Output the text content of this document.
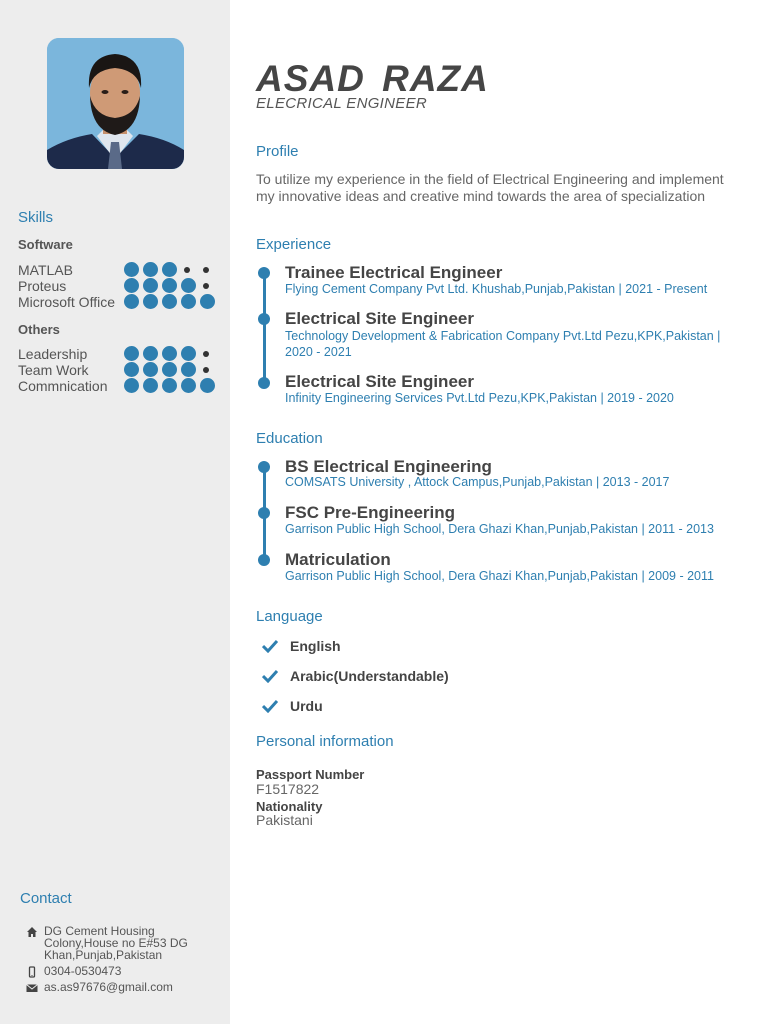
Skills
Software
MATLAB
Proteus
Microsoft Office
Others
Leadership
Team Work
Commnication
Contact
DG Cement Housing Colony,House no E#53 DG Khan,Punjab,Pakistan
0304-0530473
as.as97676@gmail.com
ASAD RAZA
ELECRICAL ENGINEER
Profile
To utilize my experience in the field of Electrical Engineering and implement my innovative ideas and creative mind towards the area of specialization
Experience
Trainee Electrical Engineer
Flying Cement Company Pvt Ltd. Khushab,Punjab,Pakistan | 2021 - Present
Electrical Site Engineer
Technology Development & Fabrication Company Pvt.Ltd Pezu,KPK,Pakistan | 2020 - 2021
Electrical Site Engineer
Infinity Engineering Services Pvt.Ltd Pezu,KPK,Pakistan | 2019 - 2020
Education
BS Electrical Engineering
COMSATS University , Attock Campus,Punjab,Pakistan | 2013 - 2017
FSC Pre-Engineering
Garrison Public High School, Dera Ghazi Khan,Punjab,Pakistan | 2011 - 2013
Matriculation
Garrison Public High School, Dera Ghazi Khan,Punjab,Pakistan | 2009 - 2011
Language
English
Arabic(Understandable)
Urdu
Personal information
Passport Number
F1517822
Nationality
Pakistani
